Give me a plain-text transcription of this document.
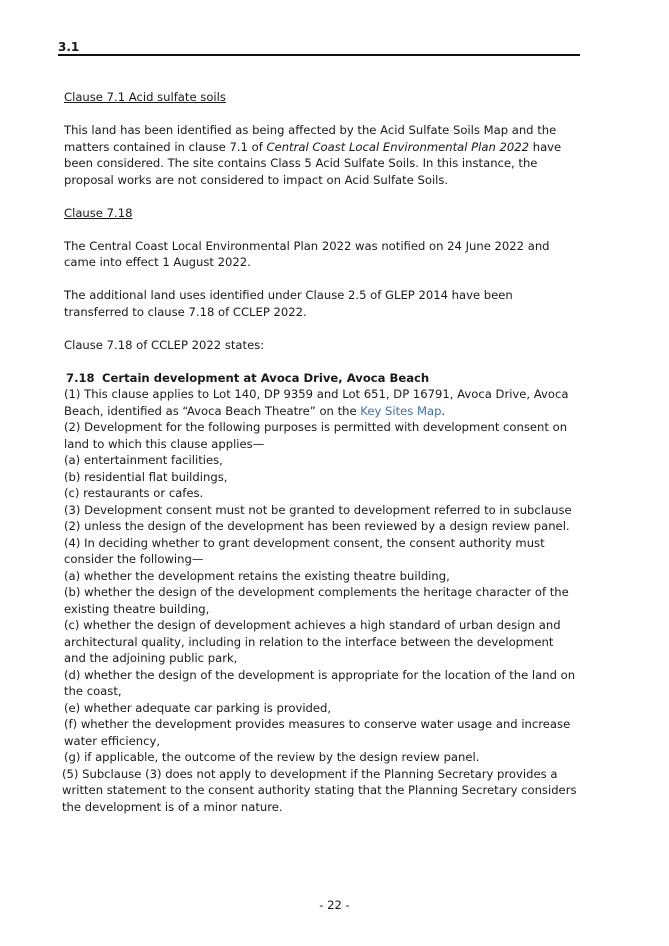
3.1

Clause 7.1 Acid sulfate soils

This land has been identified as being affected by the Acid Sulfate Soils Map and the matters contained in clause 7.1 of Central Coast Local Environmental Plan 2022 have been considered. The site contains Class 5 Acid Sulfate Soils. In this instance, the proposal works are not considered to impact on Acid Sulfate Soils.

Clause 7.18

The Central Coast Local Environmental Plan 2022 was notified on 24 June 2022 and came into effect 1 August 2022.

The additional land uses identified under Clause 2.5 of GLEP 2014 have been transferred to clause 7.18 of CCLEP 2022.

Clause 7.18 of CCLEP 2022 states:

7.18 Certain development at Avoca Drive, Avoca Beach
(1) This clause applies to Lot 140, DP 9359 and Lot 651, DP 16791, Avoca Drive, Avoca Beach, identified as “Avoca Beach Theatre” on the Key Sites Map.
(2) Development for the following purposes is permitted with development consent on land to which this clause applies—
(a) entertainment facilities,
(b) residential flat buildings,
(c) restaurants or cafes.
(3) Development consent must not be granted to development referred to in subclause (2) unless the design of the development has been reviewed by a design review panel.
(4) In deciding whether to grant development consent, the consent authority must consider the following—
(a) whether the development retains the existing theatre building,
(b) whether the design of the development complements the heritage character of the existing theatre building,
(c) whether the design of development achieves a high standard of urban design and architectural quality, including in relation to the interface between the development and the adjoining public park,
(d) whether the design of the development is appropriate for the location of the land on the coast,
(e) whether adequate car parking is provided,
(f) whether the development provides measures to conserve water usage and increase water efficiency,
(g) if applicable, the outcome of the review by the design review panel.
(5) Subclause (3) does not apply to development if the Planning Secretary provides a written statement to the consent authority stating that the Planning Secretary considers the development is of a minor nature.
- 22 -
